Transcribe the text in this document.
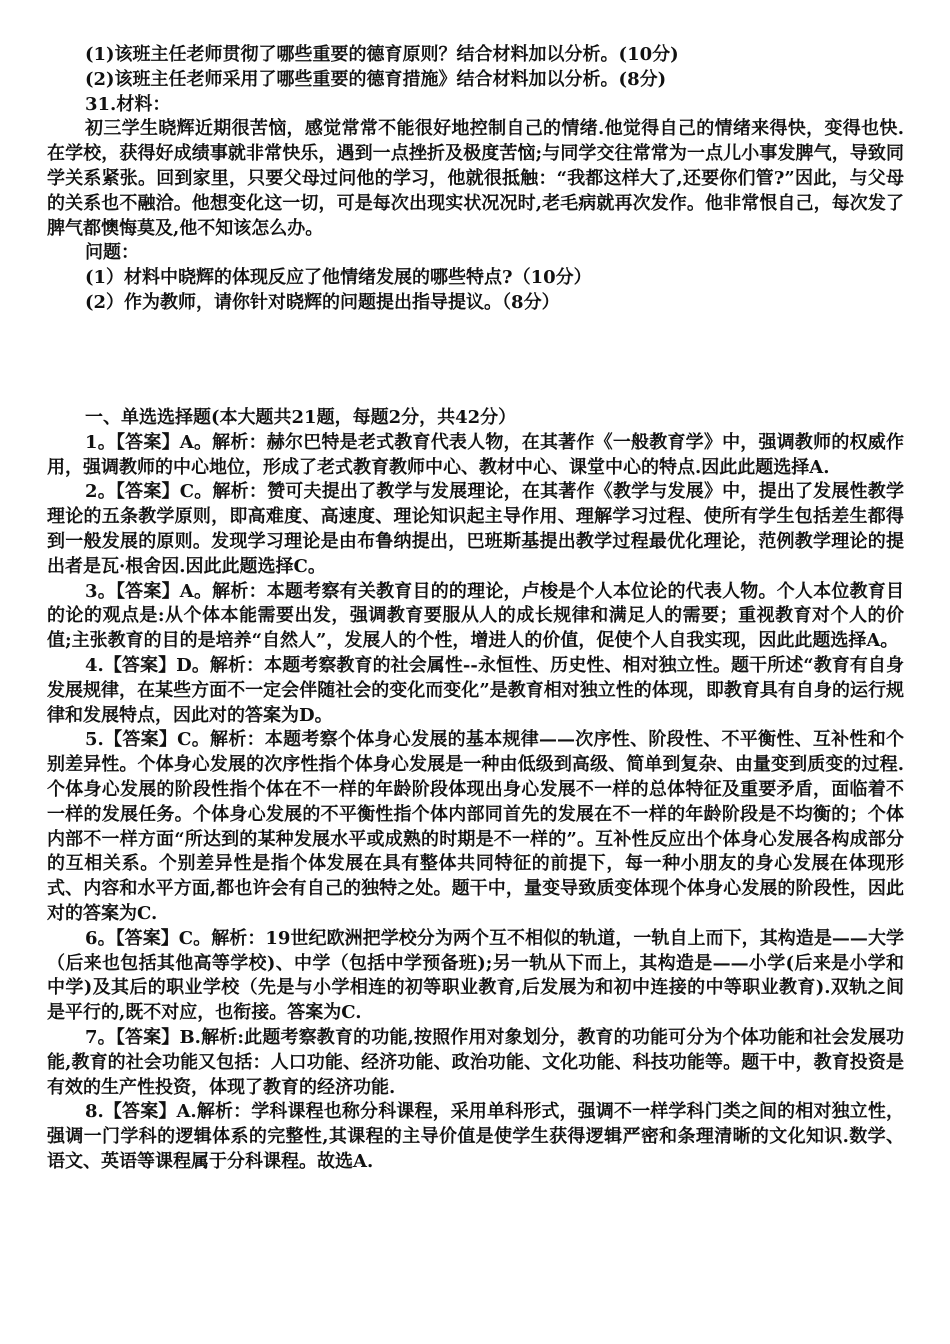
(1)该班主任老师贯彻了哪些重要的德育原则？结合材料加以分析。(10分)

(2)该班主任老师采用了哪些重要的德育措施》结合材料加以分析。(8分)

31.材料：

初三学生晓辉近期很苦恼，感觉常常不能很好地控制自己的情绪.他觉得自己的情绪来得快，变得也快.在学校，获得好成绩事就非常快乐，遇到一点挫折及极度苦恼;与同学交往常常为一点儿小事发脾气，导致同学关系紧张。回到家里，只要父母过问他的学习，他就很抵触：“我都这样大了,还要你们管?”因此，与父母的关系也不融洽。他想变化这一切，可是每次出现实状况况时,老毛病就再次发作。他非常恨自己，每次发了脾气都懊悔莫及,他不知该怎么办。

问题：

(1）材料中晓辉的体现反应了他情绪发展的哪些特点?（10分）

(2）作为教师，请你针对晓辉的问题提出指导提议。（8分）

一、单选选择题(本大题共21题，每题2分，共42分）

1。【答案】A。解析：赫尔巴特是老式教育代表人物，在其著作《一般教育学》中，强调教师的权威作用，强调教师的中心地位，形成了老式教育教师中心、教材中心、课堂中心的特点.因此此题选择A.

2。【答案】C。解析：赞可夫提出了教学与发展理论，在其著作《教学与发展》中，提出了发展性教学理论的五条教学原则，即高难度、高速度、理论知识起主导作用、理解学习过程、使所有学生包括差生都得到一般发展的原则。发现学习理论是由布鲁纳提出，巴班斯基提出教学过程最优化理论，范例教学理论的提出者是瓦·根舍因.因此此题选择C。

3。【答案】A。解析：本题考察有关教育目的的理论，卢梭是个人本位论的代表人物。个人本位教育目的论的观点是:从个体本能需要出发，强调教育要服从人的成长规律和满足人的需要；重视教育对个人的价值;主张教育的目的是培养“自然人”，发展人的个性，增进人的价值，促使个人自我实现，因此此题选择A。

4.【答案】D。解析：本题考察教育的社会属性--永恒性、历史性、相对独立性。题干所述“教育有自身发展规律，在某些方面不一定会伴随社会的变化而变化”是教育相对独立性的体现，即教育具有自身的运行规律和发展特点，因此对的答案为D。

5.【答案】C。解析：本题考察个体身心发展的基本规律——次序性、阶段性、不平衡性、互补性和个别差异性。个体身心发展的次序性指个体身心发展是一种由低级到高级、简单到复杂、由量变到质变的过程.个体身心发展的阶段性指个体在不一样的年龄阶段体现出身心发展不一样的总体特征及重要矛盾，面临着不一样的发展任务。个体身心发展的不平衡性指个体内部同首先的发展在不一样的年龄阶段是不均衡的；个体内部不一样方面“所达到的某种发展水平或成熟的时期是不一样的”。互补性反应出个体身心发展各构成部分的互相关系。个别差异性是指个体发展在具有整体共同特征的前提下，每一种小朋友的身心发展在体现形式、内容和水平方面,都也许会有自己的独特之处。题干中，量变导致质变体现个体身心发展的阶段性，因此对的答案为C.

6。【答案】C。解析：19世纪欧洲把学校分为两个互不相似的轨道，一轨自上而下，其构造是——大学（后来也包括其他高等学校)、中学（包括中学预备班);另一轨从下而上，其构造是——小学(后来是小学和中学)及其后的职业学校（先是与小学相连的初等职业教育,后发展为和初中连接的中等职业教育).双轨之间是平行的,既不对应，也衔接。答案为C.

7。【答案】B.解析:此题考察教育的功能,按照作用对象划分，教育的功能可分为个体功能和社会发展功能,教育的社会功能又包括：人口功能、经济功能、政治功能、文化功能、科技功能等。题干中，教育投资是有效的生产性投资，体现了教育的经济功能.

8.【答案】A.解析：学科课程也称分科课程，采用单科形式，强调不一样学科门类之间的相对独立性，强调一门学科的逻辑体系的完整性,其课程的主导价值是使学生获得逻辑严密和条理清晰的文化知识.数学、语文、英语等课程属于分科课程。故选A.
